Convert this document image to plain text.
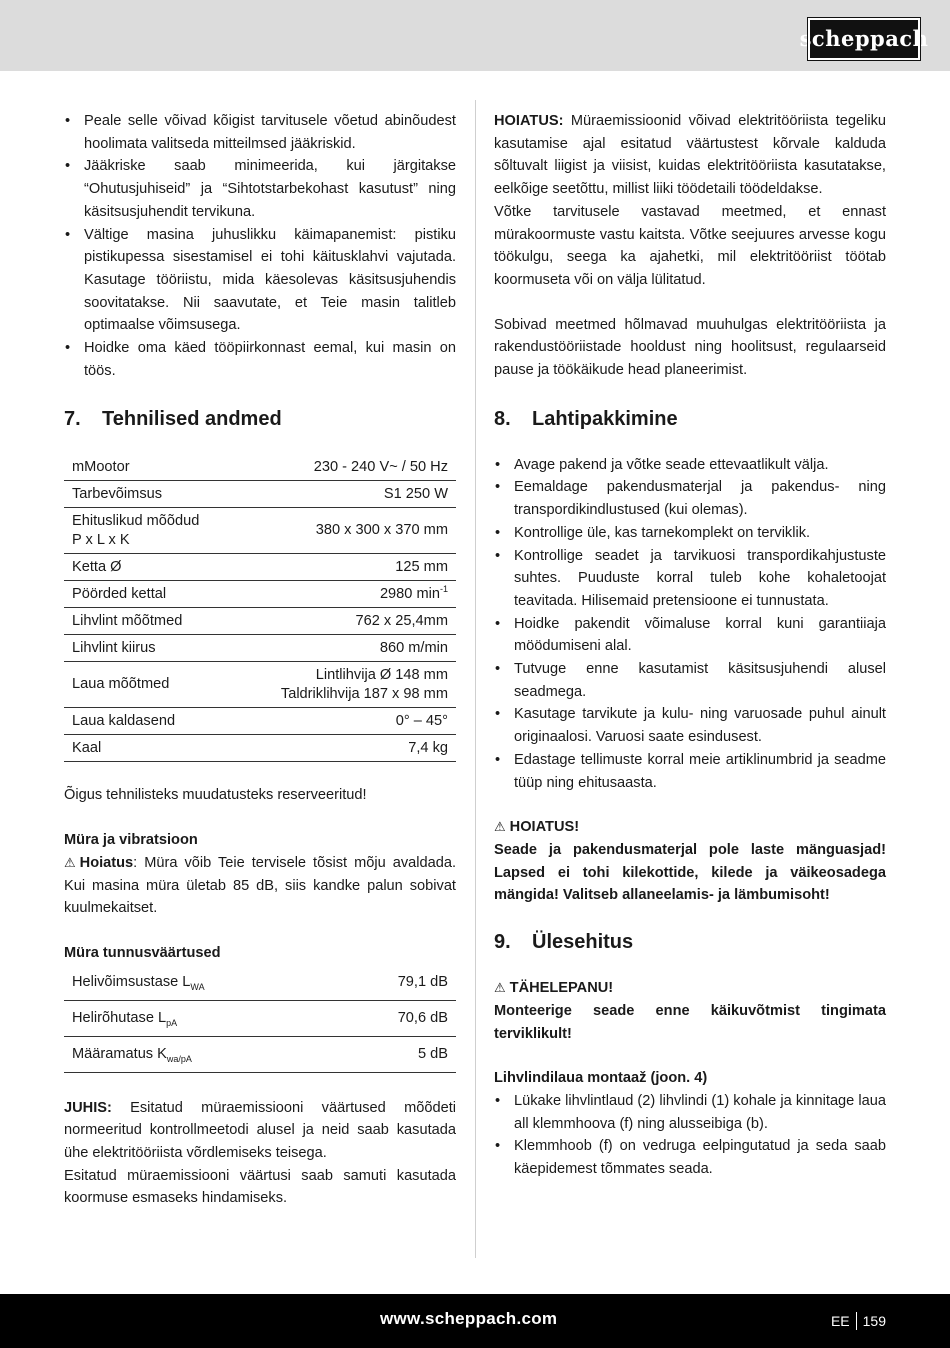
scheppach
• Peale selle võivad kõigist tarvitusele võetud abinõudest hoolimata valitseda mitteilmsed jääkriskid.
• Jääkriske saab minimeerida, kui järgitakse “Ohutusjuhiseid” ja “Sihtotstarbekohast kasutust” ning käsitsusjuhendit tervikuna.
• Vältige masina juhuslikku käimapanemist: pistiku pistikupessa sisestamisel ei tohi käitusklahvi vajutada. Kasutage tööriistu, mida käesolevas käsitsusjuhendis soovitatakse. Nii saavutate, et Teie masin talitleb optimaalse võimsusega.
• Hoidke oma käed tööpiirkonnast eemal, kui masin on töös.
7.	Tehnilised andmed
mMootor	230 - 240 V~ / 50 Hz
Tarbevõimsus	S1 250 W

Ehituslikud mõõdud
P x L x K	380 x 300 x 370 mm
Ketta Ø	125 mm
Pöörded kettal	2980 $\min^{-1}$
Lihvlint mõõtmed	762 x 25,4mm
Lihvlint kiirus	860 m/min
Laua mõõtmed	Lintlihvija Ø 148 mm
Taldriklihvija 187 x 98 mm

Laua kaldasend	0° – 45°
Kaal	7,4 kg

Õigus tehnilisteks muudatusteks reserveeritud!

Müra ja vibratsioon

⚠ Hoiatus: Müra võib Teie tervisele tõsist mõju avaldada. Kui masina müra ületab 85 dB, siis kandke palun sobivat kuulmekaitset.

Müra tunnusväärtused

Helivõimsustase $L_{WA}$	79,1 dB
Helirõhutase $L_{pA}$	70,6 dB
Määramatus $K_{wa/pA}$	5 dB

JUHIS: Esitatud müraemissiooni väärtused mõõdeti normeeritud kontrollmeetodi alusel ja neid saab kasutada ühe elektritööriista võrdlemiseks teisega.

Esitatud müraemissiooni väärtusi saab samuti kasutada koormuse esmaseks hindamiseks.

HOIATUS: Müraemissioonid võivad elektritööriista tegeliku kasutamise ajal esitatud väärtustest kõrvale kalduda sõltuvalt liigist ja viisist, kuidas elektritööriista kasutatakse, eelkõige seetõttu, millist liiki töödetaili töödeldakse.

Võtke tarvitusele vastavad meetmed, et ennast mürakoormuste vastu kaitsta. Võtke seejuures arvesse kogu töökulgu, seega ka ajahetki, mil elektritööriist töötab koormuseta või on välja lülitatud.

Sobivad meetmed hõlmavad muuhulgas elektritööriista ja rakendustööriistade hooldust ning hoolitsust, regulaarseid pause ja töökäikude head planeerimist.

8.	Lahtipakkimine
• Avage pakend ja võtke seade ettevaatlikult välja.
• Eemaldage pakendusmaterjal ja pakendus- ning transpordikindlustused (kui olemas).
• Kontrollige üle, kas tarnekomplekt on terviklik.
• Kontrollige seadet ja tarvikuosi transpordikahjustuste suhtes. Puuduste korral tuleb kohe kohaletoojat teavitada. Hilisemaid pretensioone ei tunnustata.
• Hoidke pakendit võimaluse korral kuni garantiiaja möödumiseni alal.
• Tutvuge enne kasutamist käsitsusjuhendi alusel seadmega.
• Kasutage tarvikute ja kulu- ning varuosade puhul ainult originaalosi. Varuosi saate esindusest.
• Edastage tellimuste korral meie artiklinumbrid ja seadme tüüp ning ehitusaasta.

⚠ HOIATUS!

Seade ja pakendusmaterjal pole laste mänguasjad! Lapsed ei tohi kilekottide, kilede ja väikeosadega mängida! Valitseb allaneelamis- ja lämbumisoht!

9.	Ülesehitus

⚠ TÄHELEPANU!

Monteerige seade enne käikuvõtmist tingimata terviklikult!

Lihvlindilaua montaaž (joon. 4)

• Lükake lihvlintlaud (2) lihvlindi (1) kohale ja kinnitage laua all klemmhoova (f) ning alusseibiga (b).
• Klemmhoob (f) on vedruga eelpingutatud ja seda saab käepidemest tõmmates seada.
www.scheppach.com	EE 159
